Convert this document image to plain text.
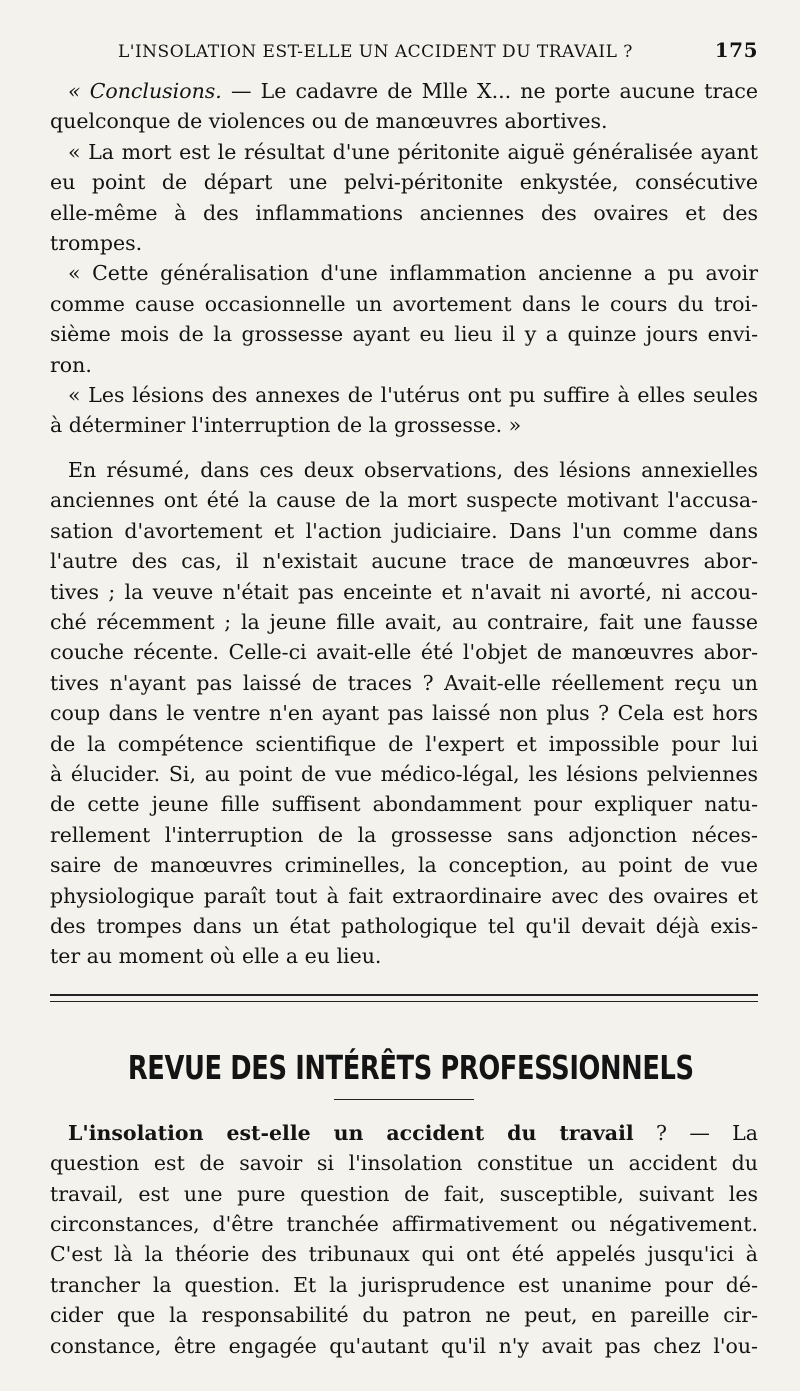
L'INSOLATION EST-ELLE UN ACCIDENT DU TRAVAIL ?	175

« Conclusions. — Le cadavre de Mlle X... ne porte aucune trace
quelconque de violences ou de manœuvres abortives.

« La mort est le résultat d'une péritonite aiguë généralisée ayant
eu point de départ une pelvi-péritonite enkystée, consécutive
elle-même à des inflammations anciennes des ovaires et des
trompes.

« Cette généralisation d'une inflammation ancienne a pu avoir
comme cause occasionnelle un avortement dans le cours du troi-
sième mois de la grossesse ayant eu lieu il y a quinze jours envi-
ron.

« Les lésions des annexes de l'utérus ont pu suffire à elles seules
à déterminer l'interruption de la grossesse. »

En résumé, dans ces deux observations, des lésions annexielles
anciennes ont été la cause de la mort suspecte motivant l'accusa-
sation d'avortement et l'action judiciaire. Dans l'un comme dans
l'autre des cas, il n'existait aucune trace de manœuvres abor-
tives ; la veuve n'était pas enceinte et n'avait ni avorté, ni accou-
ché récemment ; la jeune fille avait, au contraire, fait une fausse
couche récente. Celle-ci avait-elle été l'objet de manœuvres abor-
tives n'ayant pas laissé de traces ? Avait-elle réellement reçu un
coup dans le ventre n'en ayant pas laissé non plus ? Cela est hors
de la compétence scientifique de l'expert et impossible pour lui
à élucider. Si, au point de vue médico-légal, les lésions pelviennes
de cette jeune fille suffisent abondamment pour expliquer natu-
rellement l'interruption de la grossesse sans adjonction néces-
saire de manœuvres criminelles, la conception, au point de vue
physiologique paraît tout à fait extraordinaire avec des ovaires et
des trompes dans un état pathologique tel qu'il devait déjà exis-
ter au moment où elle a eu lieu.

REVUE DES INTÉRÊTS PROFESSIONNELS

L'insolation est-elle un accident du travail ? — La
question est de savoir si l'insolation constitue un accident du
travail, est une pure question de fait, susceptible, suivant les
circonstances, d'être tranchée affirmativement ou négativement.
C'est là la théorie des tribunaux qui ont été appelés jusqu'ici à
trancher la question. Et la jurisprudence est unanime pour dé-
cider que la responsabilité du patron ne peut, en pareille cir-
constance, être engagée qu'autant qu'il n'y avait pas chez l'ou-
